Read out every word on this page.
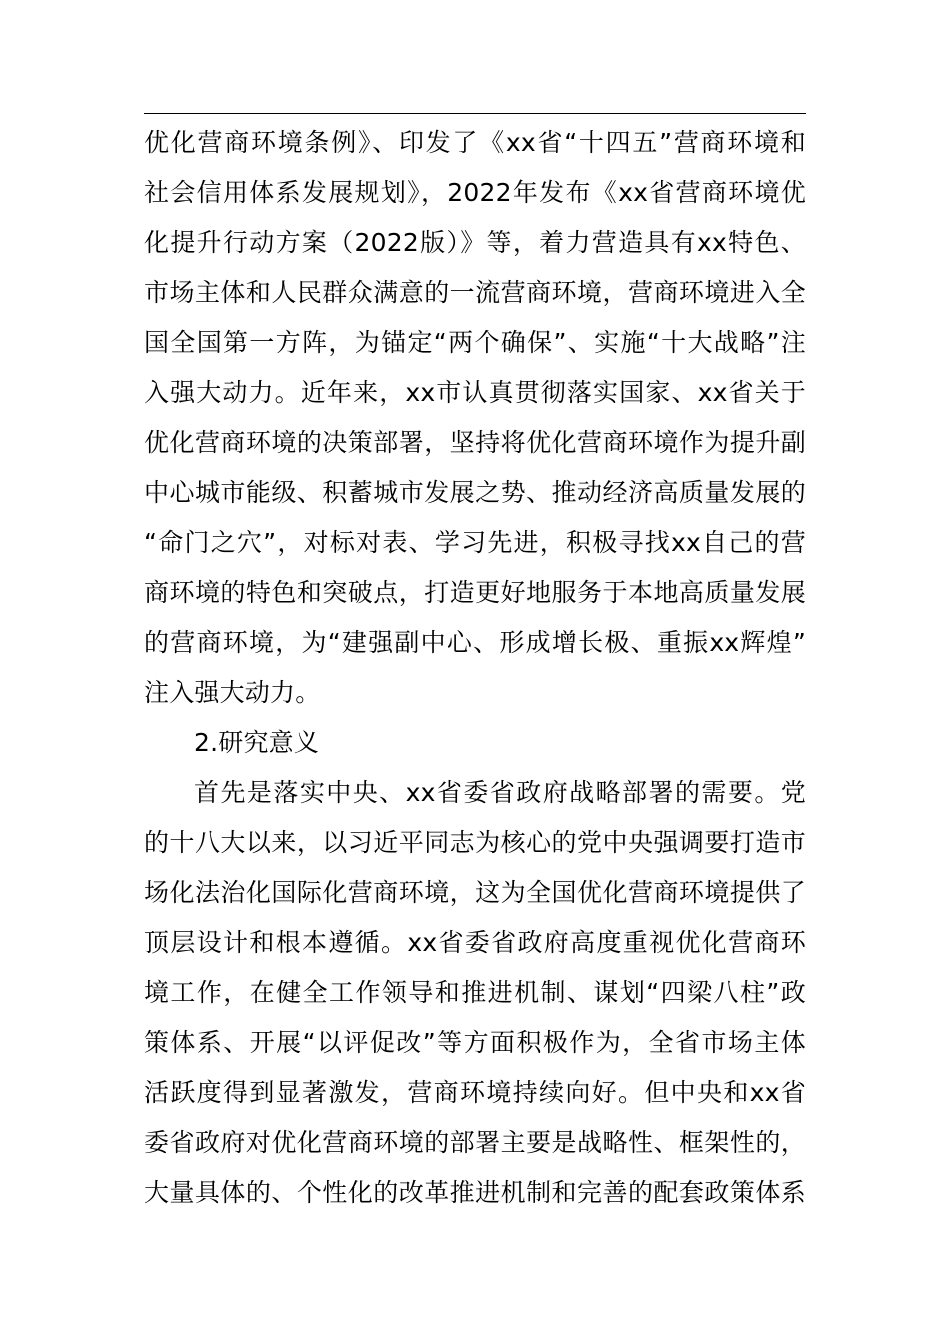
优化营商环境条例》、印发了《xx省“十四五”营商环境和
社会信用体系发展规划》，2022年发布《xx省营商环境优
化提升行动方案（2022版）》等，着力营造具有xx特色、
市场主体和人民群众满意的一流营商环境，营商环境进入全
国全国第一方阵，为锚定“两个确保”、实施“十大战略”注
入强大动力。近年来，xx市认真贯彻落实国家、xx省关于
优化营商环境的决策部署，坚持将优化营商环境作为提升副
中心城市能级、积蓄城市发展之势、推动经济高质量发展的
“命门之穴”，对标对表、学习先进，积极寻找xx自己的营
商环境的特色和突破点，打造更好地服务于本地高质量发展
的营商环境，为“建强副中心、形成增长极、重振xx辉煌”
注入强大动力。
2.研究意义
首先是落实中央、xx省委省政府战略部署的需要。党
的十八大以来，以习近平同志为核心的党中央强调要打造市
场化法治化国际化营商环境，这为全国优化营商环境提供了
顶层设计和根本遵循。xx省委省政府高度重视优化营商环
境工作，在健全工作领导和推进机制、谋划“四梁八柱”政
策体系、开展“以评促改”等方面积极作为，全省市场主体
活跃度得到显著激发，营商环境持续向好。但中央和xx省
委省政府对优化营商环境的部署主要是战略性、框架性的，
大量具体的、个性化的改革推进机制和完善的配套政策体系
